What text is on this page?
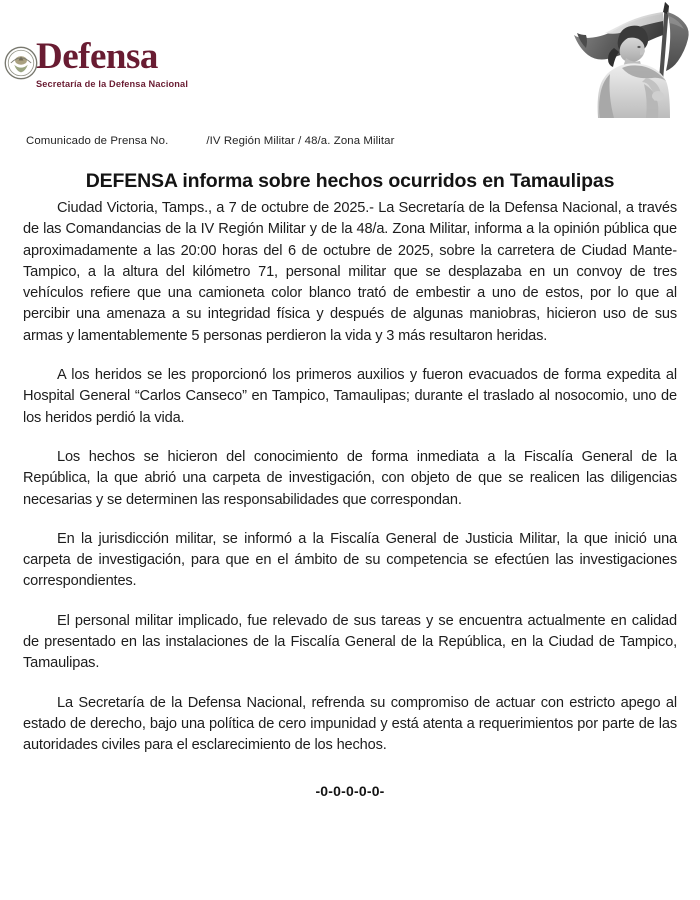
Defensa
Secretaría de la Defensa Nacional
Comunicado de Prensa No.	/IV Región Militar / 48/a. Zona Militar
DEFENSA informa sobre hechos ocurridos en Tamaulipas

Ciudad Victoria, Tamps., a 7 de octubre de 2025.- La Secretaría de la Defensa Nacional, a través de las Comandancias de la IV Región Militar y de la 48/a. Zona Militar, informa a la opinión pública que aproximadamente a las 20:00 horas del 6 de octubre de 2025, sobre la carretera de Ciudad Mante-Tampico, a la altura del kilómetro 71, personal militar que se desplazaba en un convoy de tres vehículos refiere que una camioneta color blanco trató de embestir a uno de estos, por lo que al percibir una amenaza a su integridad física y después de algunas maniobras, hicieron uso de sus armas y lamentablemente 5 personas perdieron la vida y 3 más resultaron heridas.

A los heridos se les proporcionó los primeros auxilios y fueron evacuados de forma expedita al Hospital General “Carlos Canseco” en Tampico, Tamaulipas; durante el traslado al nosocomio, uno de los heridos perdió la vida.

Los hechos se hicieron del conocimiento de forma inmediata a la Fiscalía General de la República, la que abrió una carpeta de investigación, con objeto de que se realicen las diligencias necesarias y se determinen las responsabilidades que correspondan.

En la jurisdicción militar, se informó a la Fiscalía General de Justicia Militar, la que inició una carpeta de investigación, para que en el ámbito de su competencia se efectúen las investigaciones correspondientes.

El personal militar implicado, fue relevado de sus tareas y se encuentra actualmente en calidad de presentado en las instalaciones de la Fiscalía General de la República, en la Ciudad de Tampico, Tamaulipas.

La Secretaría de la Defensa Nacional, refrenda su compromiso de actuar con estricto apego al estado de derecho, bajo una política de cero impunidad y está atenta a requerimientos por parte de las autoridades civiles para el esclarecimiento de los hechos.

-0-0-0-0-0-
